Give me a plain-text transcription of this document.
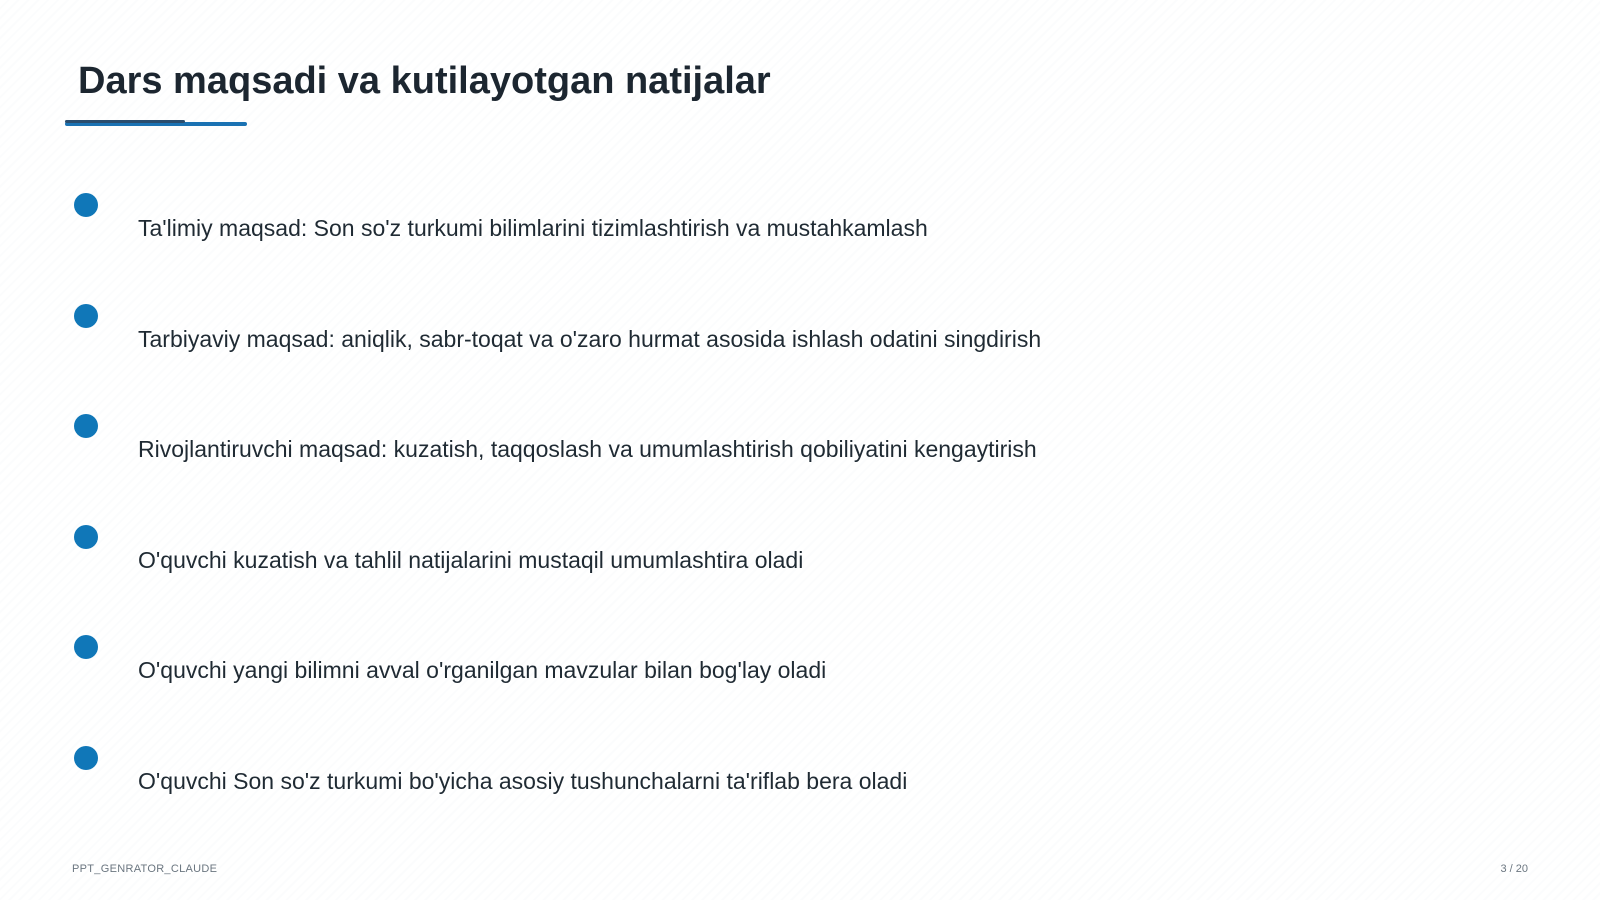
Dars maqsadi va kutilayotgan natijalar
Ta'limiy maqsad: Son so'z turkumi bilimlarini tizimlashtirish va mustahkamlash
Tarbiyaviy maqsad: aniqlik, sabr-toqat va o'zaro hurmat asosida ishlash odatini singdirish
Rivojlantiruvchi maqsad: kuzatish, taqqoslash va umumlashtirish qobiliyatini kengaytirish
O'quvchi kuzatish va tahlil natijalarini mustaqil umumlashtira oladi
O'quvchi yangi bilimni avval o'rganilgan mavzular bilan bog'lay oladi
O'quvchi Son so'z turkumi bo'yicha asosiy tushunchalarni ta'riflab bera oladi
PPT_GENRATOR_CLAUDE	3 / 20
